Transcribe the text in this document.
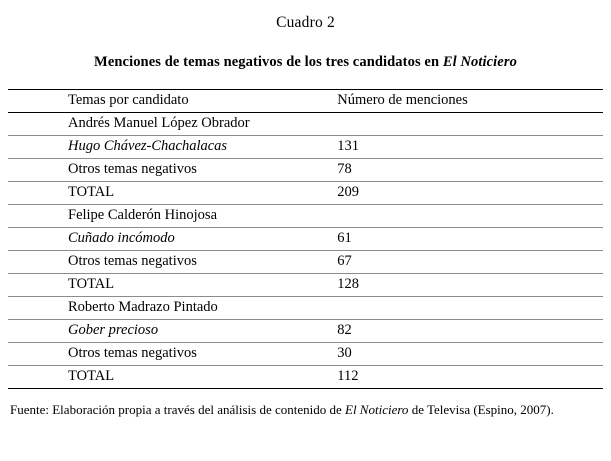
Cuadro 2
Menciones de temas negativos de los tres candidatos en El Noticiero
Temas por candidato	Número de menciones
Andrés Manuel López Obrador	
Hugo Chávez-Chachalacas	131
Otros temas negativos	78
TOTAL	209
Felipe Calderón Hinojosa	
Cuñado incómodo	61
Otros temas negativos	67
TOTAL	128
Roberto Madrazo Pintado	
Gober precioso	82
Otros temas negativos	30
TOTAL	112
Fuente: Elaboración propia a través del análisis de contenido de El Noticiero de Televisa (Espino, 2007).
